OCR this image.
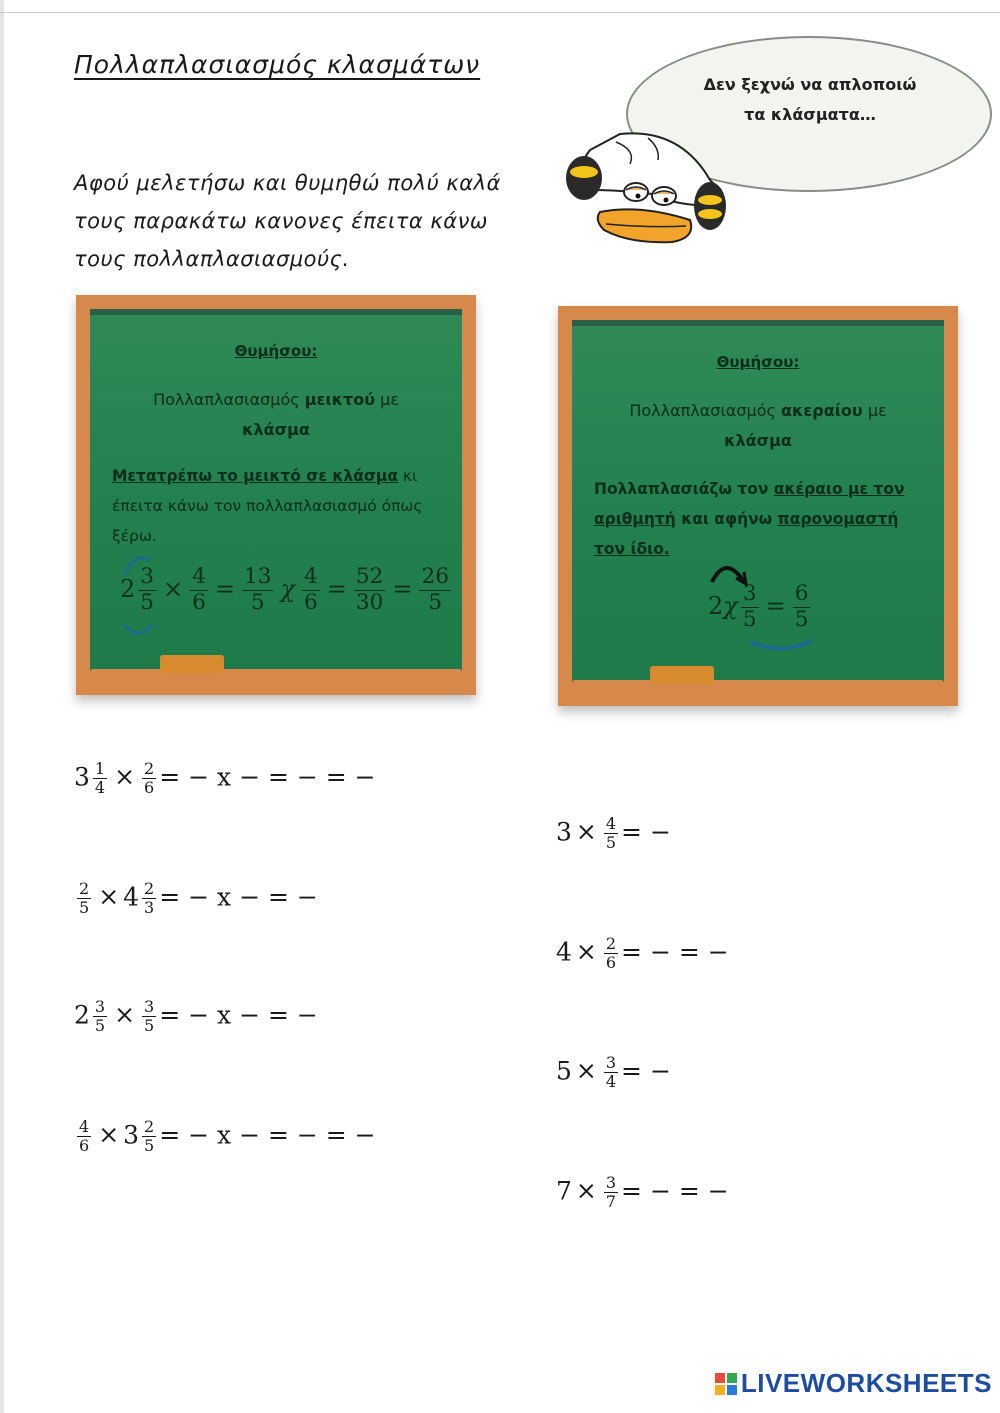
Πολλαπλασιασμός κλασμάτων
Αφού μελετήσω και θυμηθώ πολύ καλά τους παρακάτω κανονες έπειτα κάνω τους πολλαπλασιασμούς.
Δεν ξεχνώ να απλοποιώ
τα κλάσματα…
Θυμήσου:
Πολλαπλασιασμός μεικτού με
κλάσμα
Μετατρέπω το μεικτό σε κλάσμα κι έπειτα κάνω τον πολλαπλασιασμό όπως ξέρω.
$2 \frac{3}{5} \times \frac{4}{6} = \frac{13}{5}$ χ $\frac{4}{6} = \frac{52}{30} = \frac{26}{5}$
Θυμήσου:
Πολλαπλασιασμός ακεραίου με
κλάσμα
Πολλαπλασιάζω τον ακέραιο με τον αριθμητή και αφήνω παρονομαστή τον ίδιο.
$2\chi \frac{3}{5} = \frac{6}{5}$
$3 \frac{1}{4} \times \frac{2}{6}$ = − x − = − = −
$\frac{2}{5} \times 4 \frac{2}{3}$ = − x − = −
$2 \frac{3}{5} \times \frac{3}{5}$ = − x − = −
$\frac{4}{6} \times 3 \frac{2}{5}$ = − x − = − = −
$3 \times \frac{4}{5}$ = −
$4 \times \frac{2}{6}$ = − = −
$5 \times \frac{3}{4}$ = −
$7 \times \frac{3}{7}$ = − = −
LIVEWORKSHEETS
